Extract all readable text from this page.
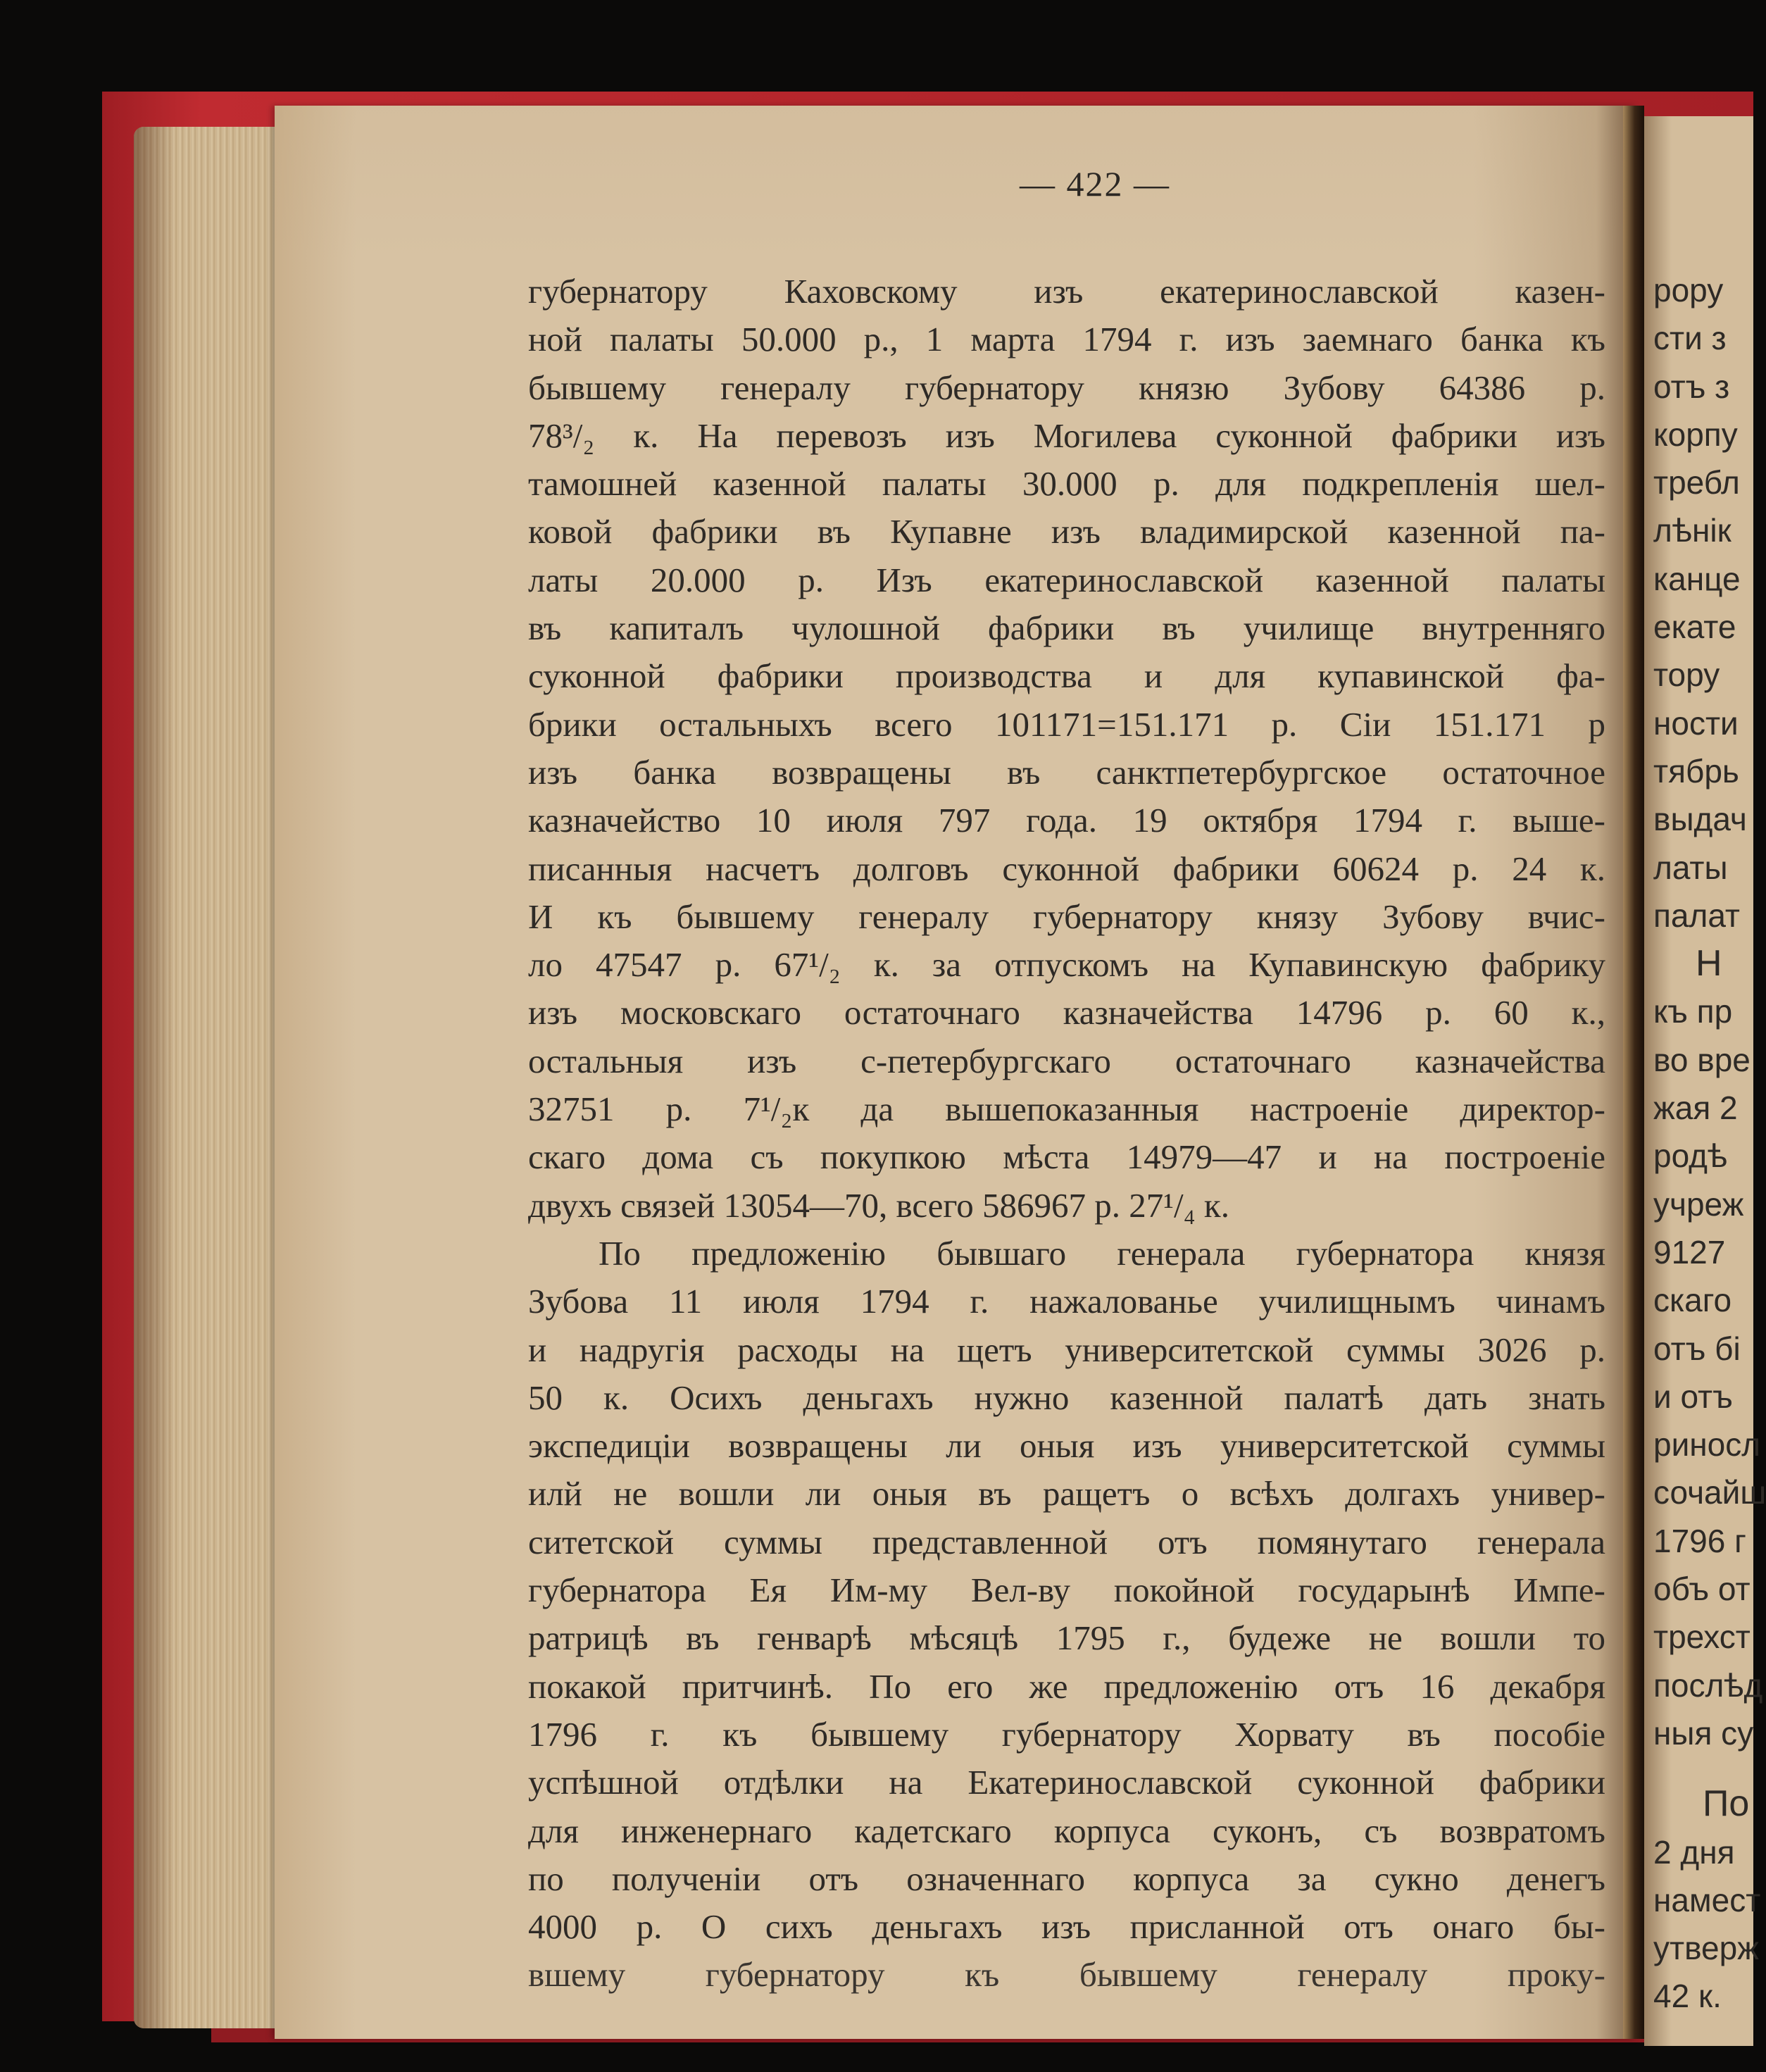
— 422 —
губернатору Каховскому изъ екатеринославской казен-
ной палаты 50.000 р., 1 марта 1794 г. изъ заемнаго банка къ
бывшему генералу губернатору князю Зубову 64386 р.
78³/₂ к. На перевозъ изъ Могилева суконной фабрики изъ
тамошней казенной палаты 30.000 р. для подкрепленія шел-
ковой фабрики въ Купавне изъ владимирской казенной па-
латы 20.000 р. Изъ екатеринославской казенной палаты
въ капиталъ чулошной фабрики въ училище внутренняго
суконной фабрики производства и для купавинской фа-
брики остальныхъ всего 101171=151.171 р. Сіи 151.171 р
изъ банка возвращены въ санктпетербургское остаточное
казначейство 10 июля 797 года. 19 октября 1794 г. выше-
писанныя насчетъ долговъ суконной фабрики 60624 р. 24 к.
И къ бывшему генералу губернатору князу Зубову вчис-
ло 47547 р. 67¹/₂ к. за отпускомъ на Купавинскую фабрику
изъ московскаго остаточнаго казначейства 14796 р. 60 к.,
остальныя изъ с-петербургскаго остаточнаго казначейства
32751 р. 7¹/₂к да вышепоказанныя настроеніе директор-
скаго дома съ покупкою мѣста 14979—47 и на построеніе
двухъ связей 13054—70, всего 586967 р. 27¹/₄ к.
По предложенію бывшаго генерала губернатора князя
Зубова 11 июля 1794 г. нажалованье училищнымъ чинамъ
и надругія расходы на щетъ университетской суммы 3026 р.
50 к. Осихъ деньгахъ нужно казенной палатѣ дать знать
экспедиціи возвращены ли оныя изъ университетской суммы
илй не вошли ли оныя въ ращетъ о всѣхъ долгахъ универ-
ситетской суммы представленной отъ помянутаго генерала
губернатора Ея Им-му Вел-ву покойной государынѣ Импе-
ратрицѣ въ генварѣ мѣсяцѣ 1795 г., будеже не вошли то
покакой притчинѣ. По его же предложенію отъ 16 декабря
1796 г. къ бывшему губернатору Хорвату въ пособіе
успѣшной отдѣлки на Екатеринославской суконной фабрики
для инженернаго кадетскаго корпуса суконъ, съ возвратомъ
по полученіи отъ означеннаго корпуса за сукно денегъ
4000 р. О сихъ деньгахъ изъ присланной отъ онаго бы-
вшему губернатору къ бывшему генералу проку-
рору
сти з
отъ з
корпу
требл
лѣнік
канце
екате
тору
ности
тябрь
выдач
латы
палат
Н
къ пр
во вре
жая 2
родѣ
учреж
9127
скаго
отъ бі
и отъ
риносл
сочайш
1796 г
объ от
трехст
послѣд
ныя су
По
2 дня
намест
утверж
42 к.
